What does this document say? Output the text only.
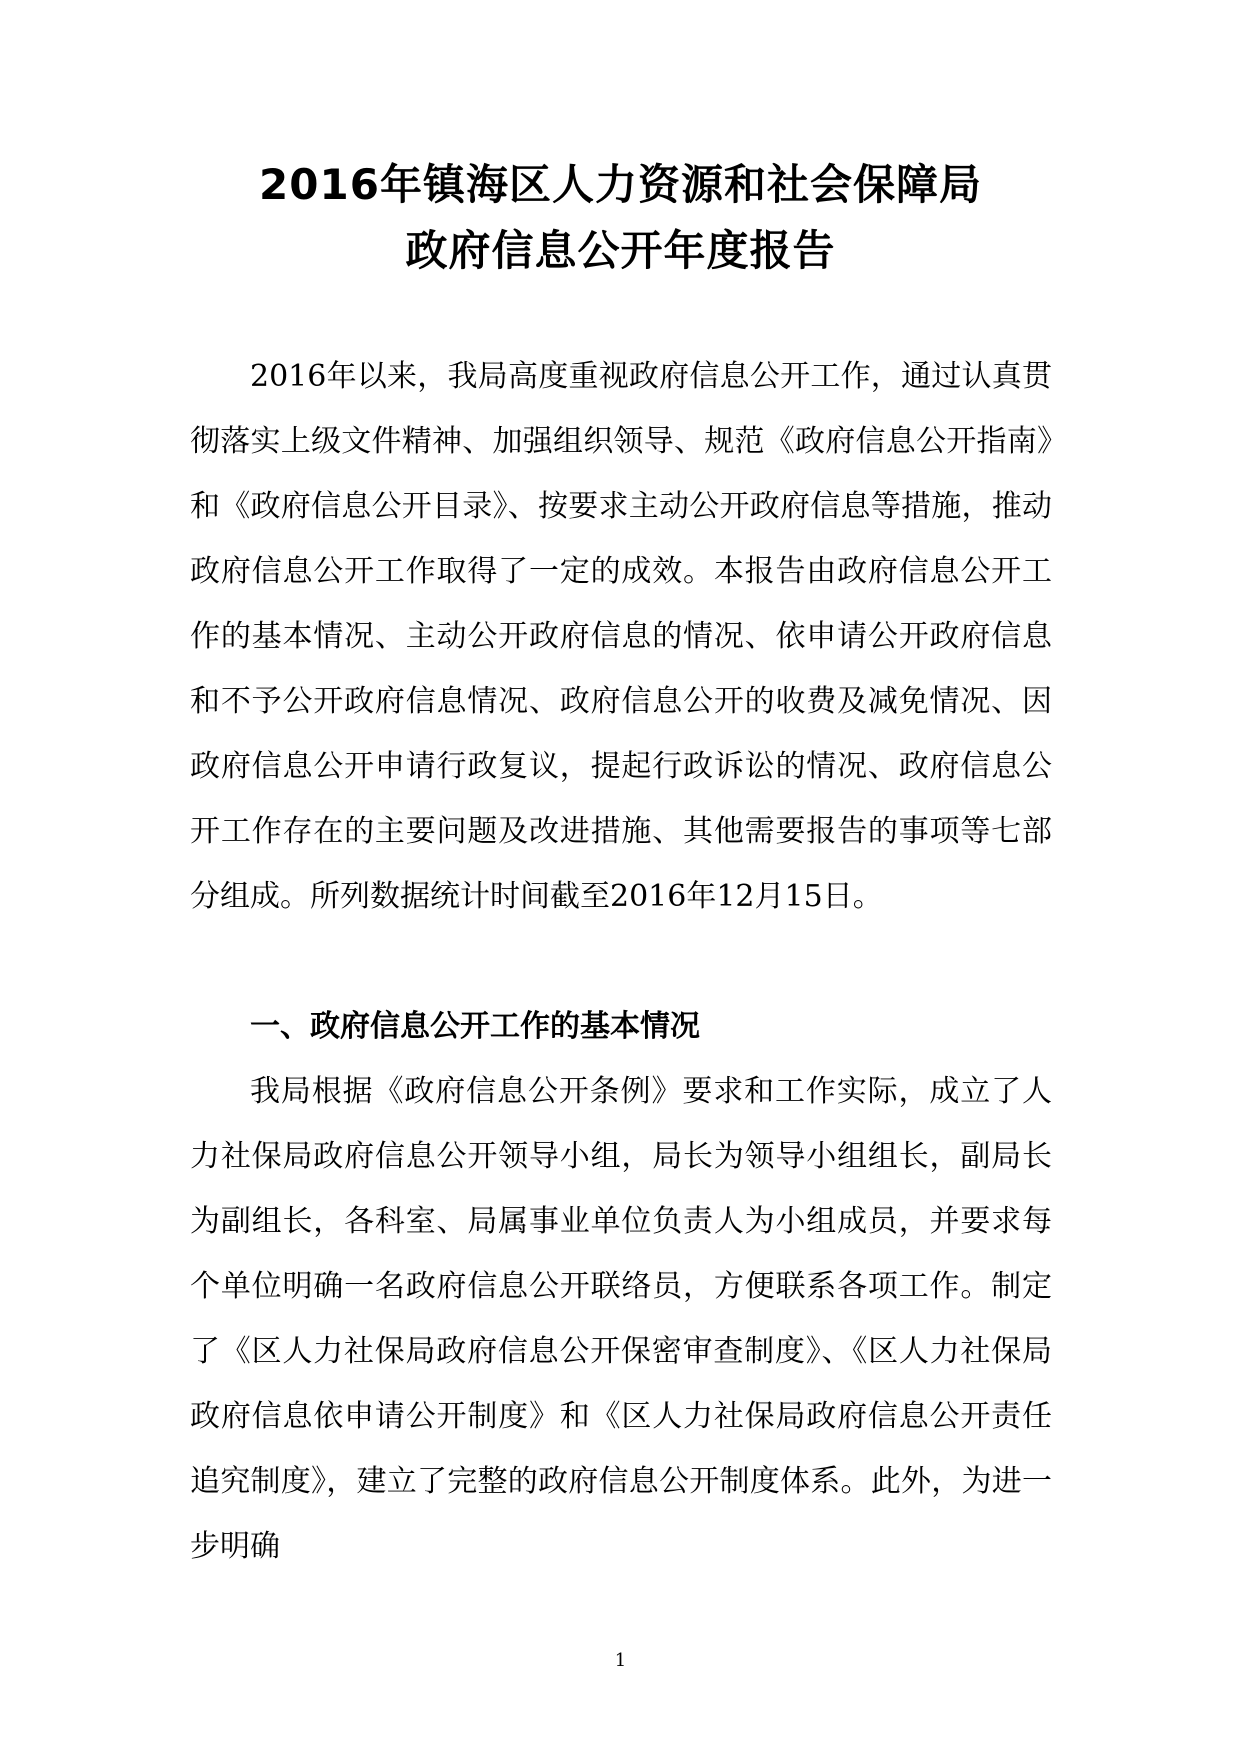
2016年镇海区人力资源和社会保障局
政府信息公开年度报告

2016年以来，我局高度重视政府信息公开工作，通过认真贯彻落实上级文件精神、加强组织领导、规范《政府信息公开指南》和《政府信息公开目录》、按要求主动公开政府信息等措施，推动政府信息公开工作取得了一定的成效。本报告由政府信息公开工作的基本情况、主动公开政府信息的情况、依申请公开政府信息和不予公开政府信息情况、政府信息公开的收费及减免情况、因政府信息公开申请行政复议，提起行政诉讼的情况、政府信息公开工作存在的主要问题及改进措施、其他需要报告的事项等七部分组成。所列数据统计时间截至2016年12月15日。

一、政府信息公开工作的基本情况

我局根据《政府信息公开条例》要求和工作实际，成立了人力社保局政府信息公开领导小组，局长为领导小组组长，副局长为副组长，各科室、局属事业单位负责人为小组成员，并要求每个单位明确一名政府信息公开联络员，方便联系各项工作。制定了《区人力社保局政府信息公开保密审查制度》、《区人力社保局政府信息依申请公开制度》和《区人力社保局政府信息公开责任追究制度》，建立了完整的政府信息公开制度体系。此外，为进一步明确

1
